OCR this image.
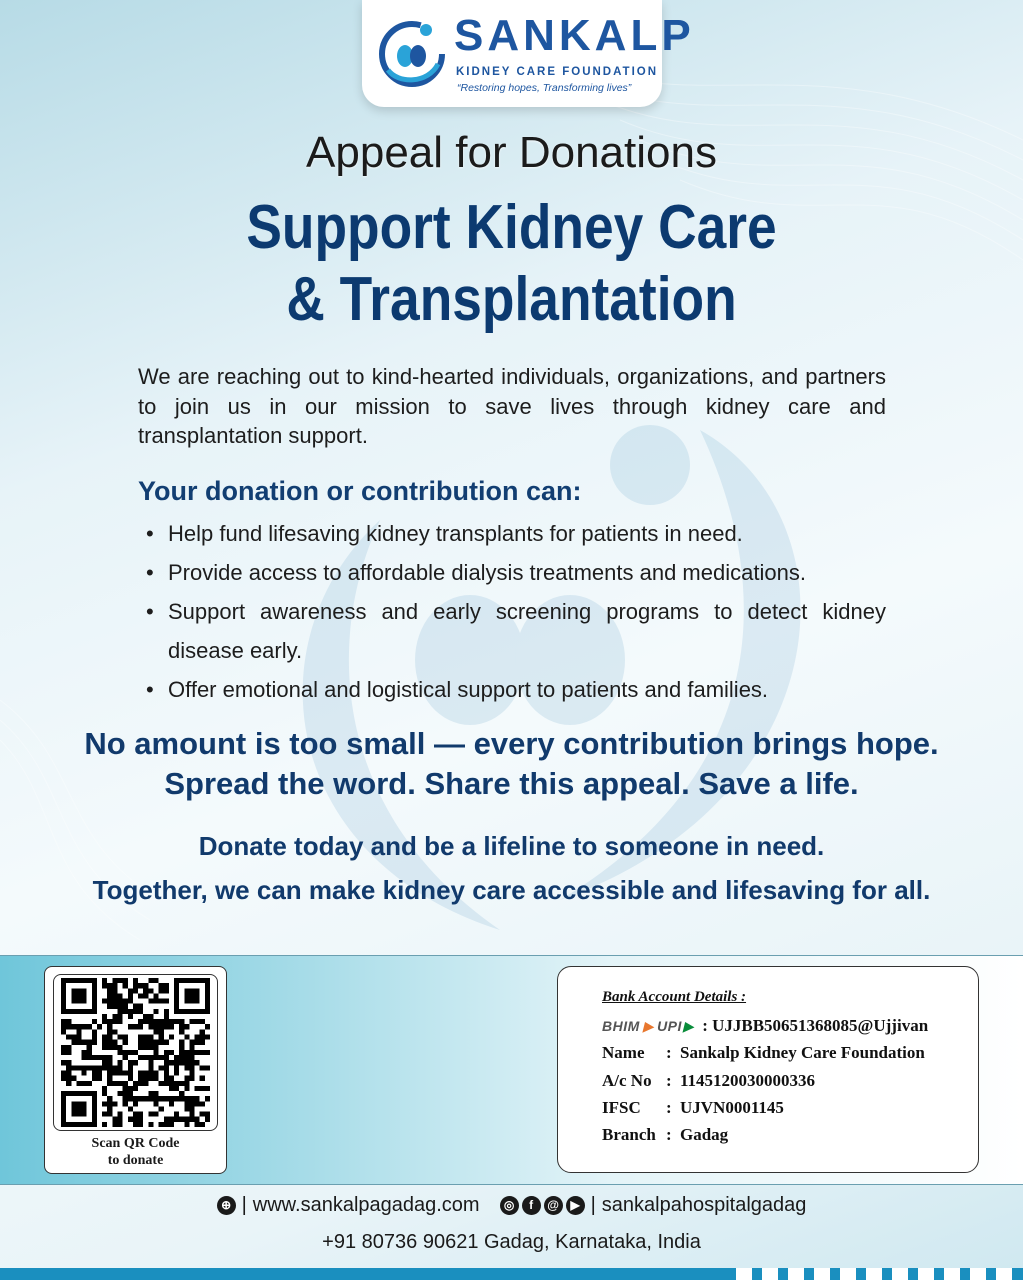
SANKALP
KIDNEY CARE FOUNDATION
“Restoring hopes, Transforming lives”
Appeal for Donations
Support Kidney Care
& Transplantation
We are reaching out to kind-hearted individuals, organizations, and partners to join us in our mission to save lives through kidney care and transplantation support.
Your donation or contribution can:
• Help fund lifesaving kidney transplants for patients in need.
• Provide access to affordable dialysis treatments and medications.
• Support awareness and early screening programs to detect kidney disease early.
• Offer emotional and logistical support to patients and families.
No amount is too small — every contribution brings hope.
Spread the word. Share this appeal. Save a life.
Donate today and be a lifeline to someone in need.
Together, we can make kidney care accessible and lifesaving for all.
Scan QR Code
to donate
Bank Account Details :
BHIM ▶ UPI ▶ : UJJBB50651368085@Ujjivan
Name	: Sankalp Kidney Care Foundation
A/c No : 1145120030000336
IFSC	: UJVN0001145
Branch : Gadag
⊕ | www.sankalpagadag.com	◎	f	@ ▶ | sankalpahospitalgadag
+91 80736 90621 Gadag, Karnataka, India
